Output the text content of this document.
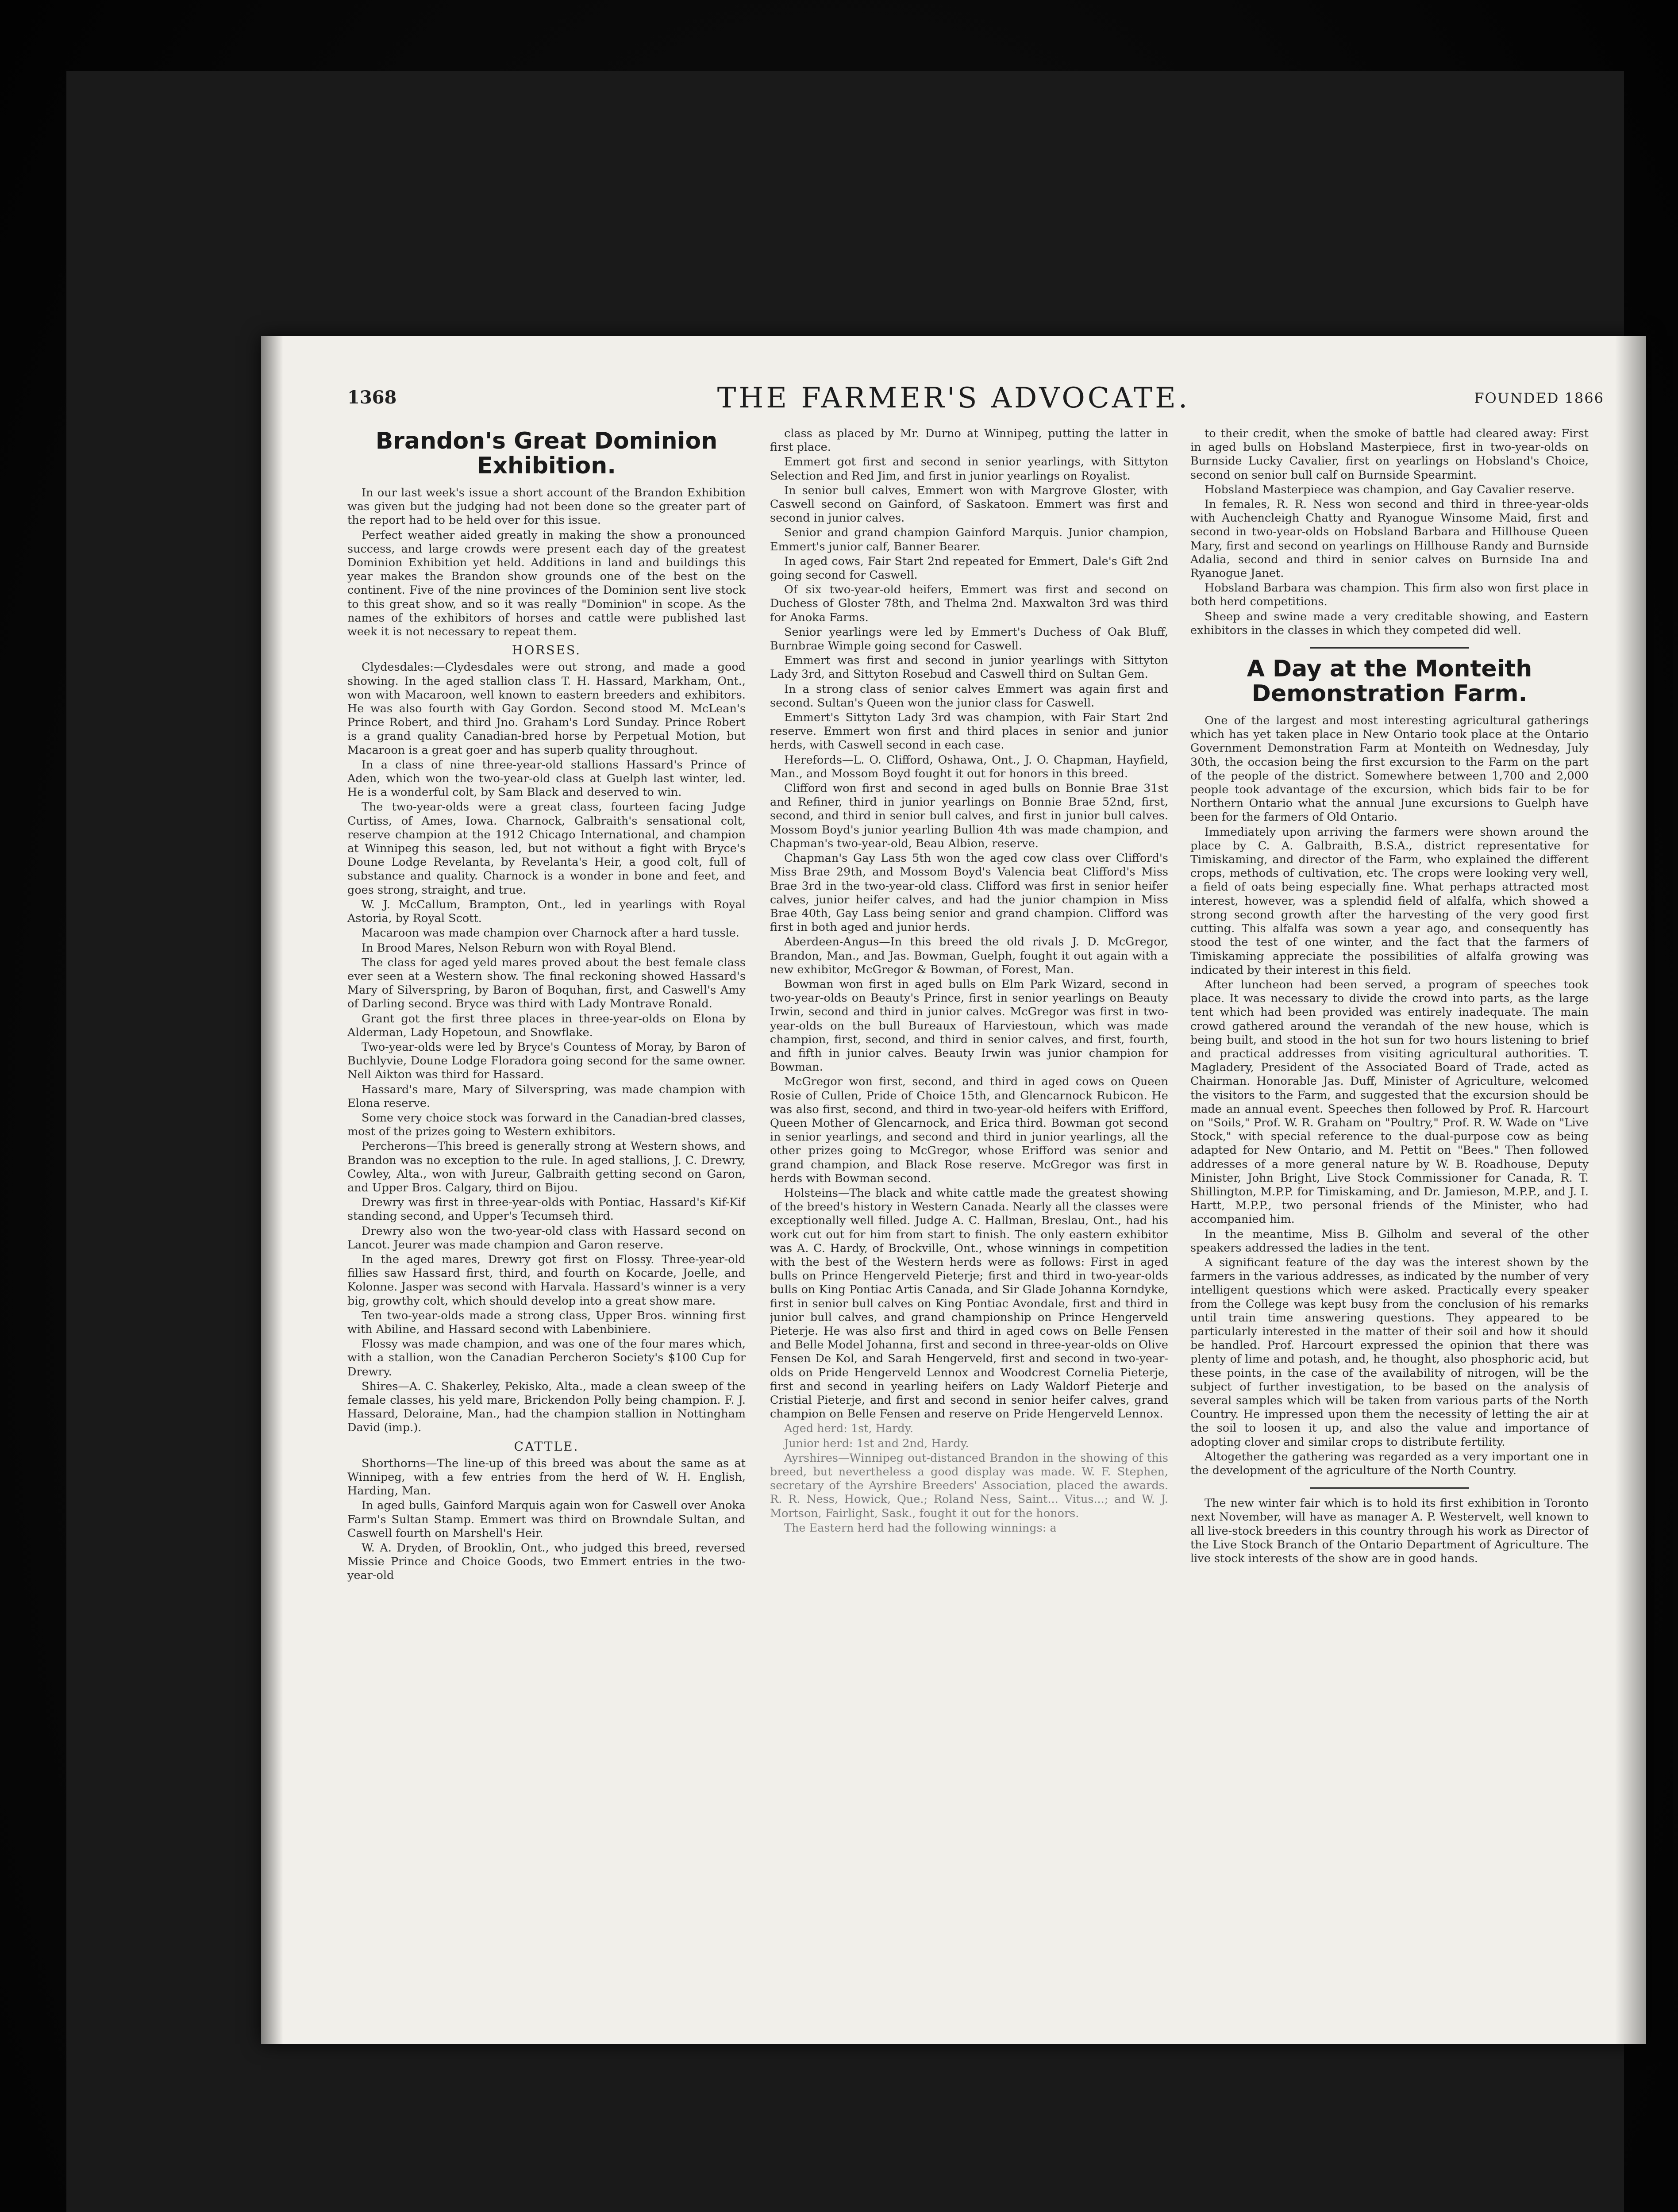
1368	THE FARMER'S ADVOCATE.	FOUNDED 1866
Brandon's Great Dominion Exhibition.

In our last week's issue a short account of the Brandon Exhibition was given but the judging had not been done so the greater part of the report had to be held over for this issue.

Perfect weather aided greatly in making the show a pronounced success, and large crowds were present each day of the greatest Dominion Exhibition yet held. Additions in land and buildings this year makes the Brandon show grounds one of the best on the continent. Five of the nine provinces of the Dominion sent live stock to this great show, and so it was really "Dominion" in scope. As the names of the exhibitors of horses and cattle were published last week it is not necessary to repeat them.

HORSES.

Clydesdales:—Clydesdales were out strong, and made a good showing. In the aged stallion class T. H. Hassard, Markham, Ont., won with Macaroon, well known to eastern breeders and exhibitors. He was also fourth with Gay Gordon. Second stood M. McLean's Prince Robert, and third Jno. Graham's Lord Sunday. Prince Robert is a grand quality Canadian-bred horse by Perpetual Motion, but Macaroon is a great goer and has superb quality throughout.

In a class of nine three-year-old stallions Hassard's Prince of Aden, which won the two-year-old class at Guelph last winter, led. He is a wonderful colt, by Sam Black and deserved to win.

The two-year-olds were a great class, fourteen facing Judge Curtiss, of Ames, Iowa. Charnock, Galbraith's sensational colt, reserve champion at the 1912 Chicago International, and champion at Winnipeg this season, led, but not without a fight with Bryce's Doune Lodge Revelanta, by Revelanta's Heir, a good colt, full of substance and quality. Charnock is a wonder in bone and feet, and goes strong, straight, and true.

W. J. McCallum, Brampton, Ont., led in yearlings with Royal Astoria, by Royal Scott.

Macaroon was made champion over Charnock after a hard tussle.

In Brood Mares, Nelson Reburn won with Royal Blend.

The class for aged yeld mares proved about the best female class ever seen at a Western show. The final reckoning showed Hassard's Mary of Silverspring, by Baron of Boquhan, first, and Caswell's Amy of Darling second. Bryce was third with Lady Montrave Ronald.

Grant got the first three places in three-year-olds on Elona by Alderman, Lady Hopetoun, and Snowflake.

Two-year-olds were led by Bryce's Countess of Moray, by Baron of Buchlyvie, Doune Lodge Floradora going second for the same owner. Nell Aikton was third for Hassard.

Hassard's mare, Mary of Silverspring, was made champion with Elona reserve.

Some very choice stock was forward in the Canadian-bred classes, most of the prizes going to Western exhibitors.

Percherons—This breed is generally strong at Western shows, and Brandon was no exception to the rule. In aged stallions, J. C. Drewry, Cowley, Alta., won with Jureur, Galbraith getting second on Garon, and Upper Bros. Calgary, third on Bijou.

Drewry was first in three-year-olds with Pontiac, Hassard's Kif-Kif standing second, and Upper's Tecumseh third.

Drewry also won the two-year-old class with Hassard second on Lancot. Jeurer was made champion and Garon reserve.

In the aged mares, Drewry got first on Flossy. Three-year-old fillies saw Hassard first, third, and fourth on Kocarde, Joelle, and Kolonne. Jasper was second with Harvala. Hassard's winner is a very big, growthy colt, which should develop into a great show mare.

Ten two-year-olds made a strong class, Upper Bros. winning first with Abiline, and Hassard second with Labenbiniere.

Flossy was made champion, and was one of the four mares which, with a stallion, won the Canadian Percheron Society's $100 Cup for Drewry.

Shires—A. C. Shakerley, Pekisko, Alta., made a clean sweep of the female classes, his yeld mare, Brickendon Polly being champion. F. J. Hassard, Deloraine, Man., had the champion stallion in Nottingham David (imp.).

CATTLE.

Shorthorns—The line-up of this breed was about the same as at Winnipeg, with a few entries from the herd of W. H. English, Harding, Man.

In aged bulls, Gainford Marquis again won for Caswell over Anoka Farm's Sultan Stamp. Emmert was third on Browndale Sultan, and Caswell fourth on Marshell's Heir.

W. A. Dryden, of Brooklin, Ont., who judged this breed, reversed Missie Prince and Choice Goods, two Emmert entries in the two-year-old

class as placed by Mr. Durno at Winnipeg, putting the latter in first place.

Emmert got first and second in senior yearlings, with Sittyton Selection and Red Jim, and first in junior yearlings on Royalist.

In senior bull calves, Emmert won with Margrove Gloster, with Caswell second on Gainford, of Saskatoon. Emmert was first and second in junior calves.

Senior and grand champion Gainford Marquis. Junior champion, Emmert's junior calf, Banner Bearer.

In aged cows, Fair Start 2nd repeated for Emmert, Dale's Gift 2nd going second for Caswell.

Of six two-year-old heifers, Emmert was first and second on Duchess of Gloster 78th, and Thelma 2nd. Maxwalton 3rd was third for Anoka Farms.

Senior yearlings were led by Emmert's Duchess of Oak Bluff, Burnbrae Wimple going second for Caswell.

Emmert was first and second in junior yearlings with Sittyton Lady 3rd, and Sittyton Rosebud and Caswell third on Sultan Gem.

In a strong class of senior calves Emmert was again first and second. Sultan's Queen won the junior class for Caswell.

Emmert's Sittyton Lady 3rd was champion, with Fair Start 2nd reserve. Emmert won first and third places in senior and junior herds, with Caswell second in each case.

Herefords—L. O. Clifford, Oshawa, Ont., J. O. Chapman, Hayfield, Man., and Mossom Boyd fought it out for honors in this breed.

Clifford won first and second in aged bulls on Bonnie Brae 31st and Refiner, third in junior yearlings on Bonnie Brae 52nd, first, second, and third in senior bull calves, and first in junior bull calves. Mossom Boyd's junior yearling Bullion 4th was made champion, and Chapman's two-year-old, Beau Albion, reserve.

Chapman's Gay Lass 5th won the aged cow class over Clifford's Miss Brae 29th, and Mossom Boyd's Valencia beat Clifford's Miss Brae 3rd in the two-year-old class. Clifford was first in senior heifer calves, junior heifer calves, and had the junior champion in Miss Brae 40th, Gay Lass being senior and grand champion. Clifford was first in both aged and junior herds.

Aberdeen-Angus—In this breed the old rivals J. D. McGregor, Brandon, Man., and Jas. Bowman, Guelph, fought it out again with a new exhibitor, McGregor & Bowman, of Forest, Man.

Bowman won first in aged bulls on Elm Park Wizard, second in two-year-olds on Beauty's Prince, first in senior yearlings on Beauty Irwin, second and third in junior calves. McGregor was first in two-year-olds on the bull Bureaux of Harviestoun, which was made champion, first, second, and third in senior calves, and first, fourth, and fifth in junior calves. Beauty Irwin was junior champion for Bowman.

McGregor won first, second, and third in aged cows on Queen Rosie of Cullen, Pride of Choice 15th, and Glencarnock Rubicon. He was also first, second, and third in two-year-old heifers with Erifford, Queen Mother of Glencarnock, and Erica third. Bowman got second in senior yearlings, and second and third in junior yearlings, all the other prizes going to McGregor, whose Erifford was senior and grand champion, and Black Rose reserve. McGregor was first in herds with Bowman second.

Holsteins—The black and white cattle made the greatest showing of the breed's history in Western Canada. Nearly all the classes were exceptionally well filled. Judge A. C. Hallman, Breslau, Ont., had his work cut out for him from start to finish. The only eastern exhibitor was A. C. Hardy, of Brockville, Ont., whose winnings in competition with the best of the Western herds were as follows: First in aged bulls on Prince Hengerveld Pieterje; first and third in two-year-olds bulls on King Pontiac Artis Canada, and Sir Glade Johanna Korndyke, first in senior bull calves on King Pontiac Avondale, first and third in junior bull calves, and grand championship on Prince Hengerveld Pieterje. He was also first and third in aged cows on Belle Fensen and Belle Model Johanna, first and second in three-year-olds on Olive Fensen De Kol, and Sarah Hengerveld, first and second in two-year-olds on Pride Hengerveld Lennox and Woodcrest Cornelia Pieterje, first and second in yearling heifers on Lady Waldorf Pieterje and Cristial Pieterje, and first and second in senior heifer calves, grand champion on Belle Fensen and reserve on Pride Hengerveld Lennox.

Aged herd: 1st, Hardy.

Junior herd: 1st and 2nd, Hardy.

Ayrshires—Winnipeg out-distanced Brandon in the showing of this breed, but nevertheless a good display was made. W. F. Stephen, secretary of the Ayrshire Breeders' Association, placed the awards. R. R. Ness, Howick, Que.; Roland Ness, Saint... Vitus...; and W. J. Mortson, Fairlight, Sask., fought it out for the honors.

The Eastern herd had the following winnings: a

to their credit, when the smoke of battle had cleared away: First in aged bulls on Hobsland Masterpiece, first in two-year-olds on Burnside Lucky Cavalier, first on yearlings on Hobsland's Choice, second on senior bull calf on Burnside Spearmint.

Hobsland Masterpiece was champion, and Gay Cavalier reserve.

In females, R. R. Ness won second and third in three-year-olds with Auchencleigh Chatty and Ryanogue Winsome Maid, first and second in two-year-olds on Hobsland Barbara and Hillhouse Queen Mary, first and second on yearlings on Hillhouse Randy and Burnside Adalia, second and third in senior calves on Burnside Ina and Ryanogue Janet.

Hobsland Barbara was champion. This firm also won first place in both herd competitions.

Sheep and swine made a very creditable showing, and Eastern exhibitors in the classes in which they competed did well.

A Day at the Monteith Demonstration Farm.

One of the largest and most interesting agricultural gatherings which has yet taken place in New Ontario took place at the Ontario Government Demonstration Farm at Monteith on Wednesday, July 30th, the occasion being the first excursion to the Farm on the part of the people of the district. Somewhere between 1,700 and 2,000 people took advantage of the excursion, which bids fair to be for Northern Ontario what the annual June excursions to Guelph have been for the farmers of Old Ontario.

Immediately upon arriving the farmers were shown around the place by C. A. Galbraith, B.S.A., district representative for Timiskaming, and director of the Farm, who explained the different crops, methods of cultivation, etc. The crops were looking very well, a field of oats being especially fine. What perhaps attracted most interest, however, was a splendid field of alfalfa, which showed a strong second growth after the harvesting of the very good first cutting. This alfalfa was sown a year ago, and consequently has stood the test of one winter, and the fact that the farmers of Timiskaming appreciate the possibilities of alfalfa growing was indicated by their interest in this field.

After luncheon had been served, a program of speeches took place. It was necessary to divide the crowd into parts, as the large tent which had been provided was entirely inadequate. The main crowd gathered around the verandah of the new house, which is being built, and stood in the hot sun for two hours listening to brief and practical addresses from visiting agricultural authorities. T. Magladery, President of the Associated Board of Trade, acted as Chairman. Honorable Jas. Duff, Minister of Agriculture, welcomed the visitors to the Farm, and suggested that the excursion should be made an annual event. Speeches then followed by Prof. R. Harcourt on "Soils," Prof. W. R. Graham on "Poultry," Prof. R. W. Wade on "Live Stock," with special reference to the dual-purpose cow as being adapted for New Ontario, and M. Pettit on "Bees." Then followed addresses of a more general nature by W. B. Roadhouse, Deputy Minister, John Bright, Live Stock Commissioner for Canada, R. T. Shillington, M.P.P. for Timiskaming, and Dr. Jamieson, M.P.P., and J. I. Hartt, M.P.P., two personal friends of the Minister, who had accompanied him.

In the meantime, Miss B. Gilholm and several of the other speakers addressed the ladies in the tent.

A significant feature of the day was the interest shown by the farmers in the various addresses, as indicated by the number of very intelligent questions which were asked. Practically every speaker from the College was kept busy from the conclusion of his remarks until train time answering questions. They appeared to be particularly interested in the matter of their soil and how it should be handled. Prof. Harcourt expressed the opinion that there was plenty of lime and potash, and, he thought, also phosphoric acid, but these points, in the case of the availability of nitrogen, will be the subject of further investigation, to be based on the analysis of several samples which will be taken from various parts of the North Country. He impressed upon them the necessity of letting the air at the soil to loosen it up, and also the value and importance of adopting clover and similar crops to distribute fertility.

Altogether the gathering was regarded as a very important one in the development of the agriculture of the North Country.

The new winter fair which is to hold its first exhibition in Toronto next November, will have as manager A. P. Westervelt, well known to all live-stock breeders in this country through his work as Director of the Live Stock Branch of the Ontario Department of Agriculture. The live stock interests of the show are in good hands.
